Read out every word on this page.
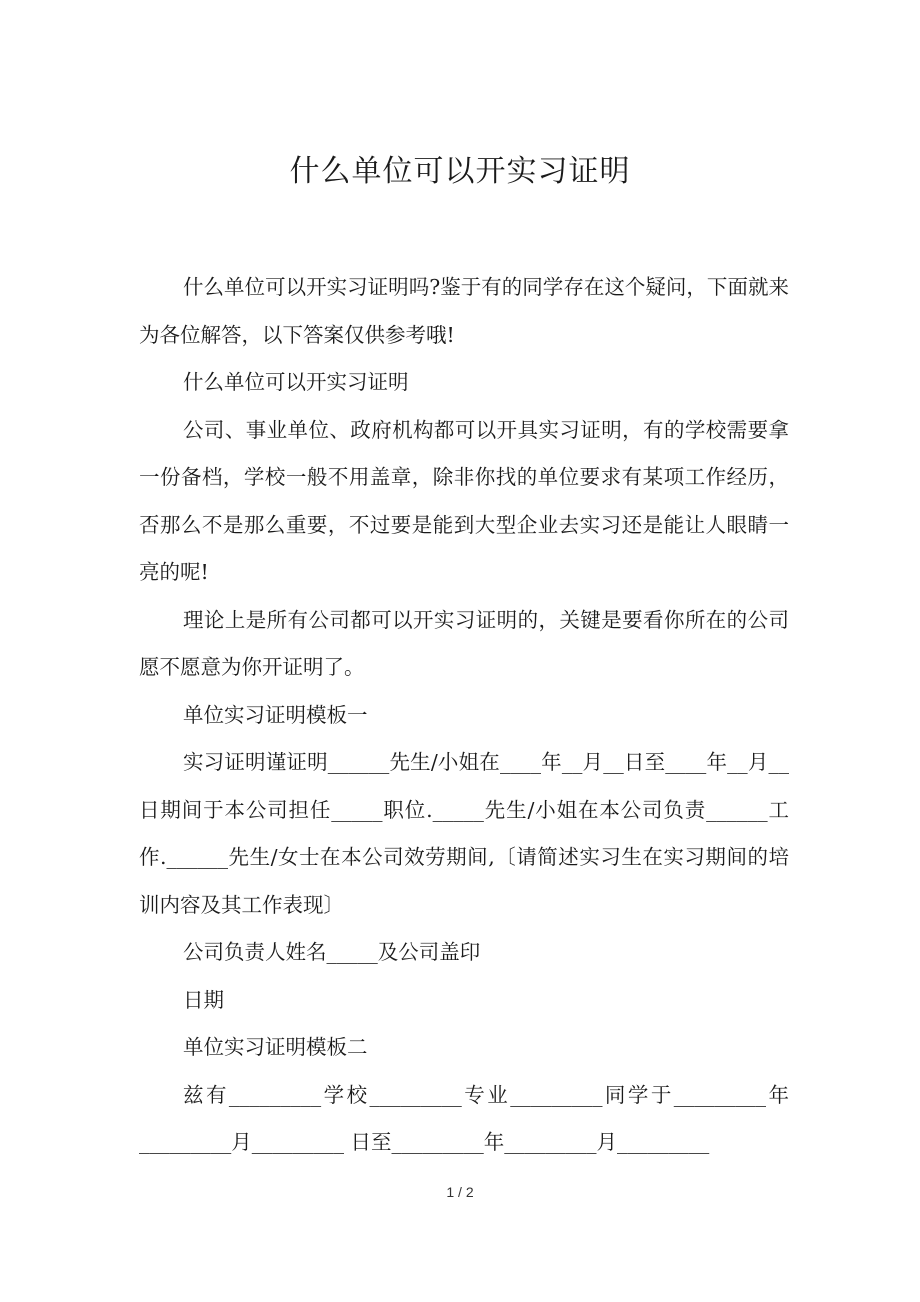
什么单位可以开实习证明

什么单位可以开实习证明吗?鉴于有的同学存在这个疑问，下面就来为各位解答，以下答案仅供参考哦!

什么单位可以开实习证明

公司、事业单位、政府机构都可以开具实习证明，有的学校需要拿一份备档，学校一般不用盖章，除非你找的单位要求有某项工作经历，否那么不是那么重要，不过要是能到大型企业去实习还是能让人眼睛一亮的呢!

理论上是所有公司都可以开实习证明的，关键是要看你所在的公司愿不愿意为你开证明了。

单位实习证明模板一

实习证明谨证明______先生/小姐在____年__月__日至____年__月__日期间于本公司担任_____职位._____先生/小姐在本公司负责______工作.______先生/女士在本公司效劳期间,〔请简述实习生在实习期间的培训内容及其工作表现〕

公司负责人姓名_____及公司盖印

日期

单位实习证明模板二

兹有_________学校_________专业_________同学于_________年_________月_________ 日至_________年_________月_________

1 / 2
